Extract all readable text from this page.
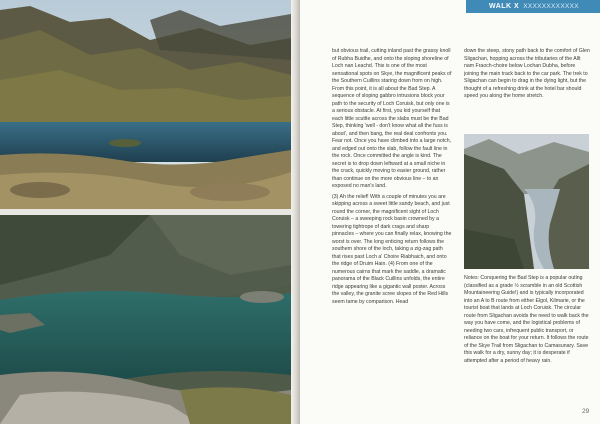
WALK X XXXXXXXXXXXX

but obvious trail, cutting inland past the grassy knoll of Rubha Buidhe, and onto the sloping shoreline of Loch nan Leachd. This is one of the most sensational spots on Skye, the magnificent peaks of the Southern Cuillins staring down from on high. From this point, it is all about the Bad Step. A sequence of sloping gabbro intrusions block your path to the security of Loch Coruisk, but only one is a serious obstacle. At first, you kid yourself that each little scuttle across the slabs must be the Bad Step, thinking 'well - don't know what all the fuss is about', and then bang, the real deal confronts you. Fear not. Once you have climbed into a large notch, and edged out onto the slab, follow the fault line in the rock. Once committed the angle is kind. The secret is to drop down leftward at a small niche in the crack, quickly moving to easier ground, rather than continue on the more obvious line – to an exposed no man's land.

(3) Ah the relief! With a couple of minutes you are skipping across a sweet little sandy beach, and just round the corner, the magnificent sight of Loch Coruisk – a sweeping rock basin crowned by a towering tightrope of dark crags and sharp pinnacles – where you can finally relax, knowing the worst is over. The long enticing return follows the southern shore of the loch, taking a zig-zag path that rises past Loch a' Choire Riabhaich, and onto the ridge of Druim Hain. (4) From one of the numerous cairns that mark the saddle, a dramatic panorama of the Black Cuillins unfolds, the entire ridge appearing like a gigantic wall poster. Across the valley, the granite scree slopes of the Red Hills seem tame by comparison. Head

down the steep, stony path back to the comfort of Glen Sligachan, hopping across the tributaries of the Allt nam Fraoch-choire below Lochan Dubha, before joining the main track back to the car park. The trek to Sligachan can begin to drag in the dying light, but the thought of a refreshing drink at the hotel bar should speed you along the home stretch.

Notes: Conquering the Bad Step is a popular outing (classified as a grade ½ scramble in an old Scottish Mountaineering Guide!) and is typically incorporated into an A to B route from either Elgol, Kilmarie, or the tourist boat that lands at Loch Coruisk. The circular route from Sligachan avoids the need to walk back the way you have come, and the logistical problems of needing two cars, infrequent public transport, or reliance on the boat for your return. It follows the route of the Skye Trail from Sligachan to Camasunary. Save this walk for a dry, sunny day; it is desperate if attempted after a period of heavy rain.

29
